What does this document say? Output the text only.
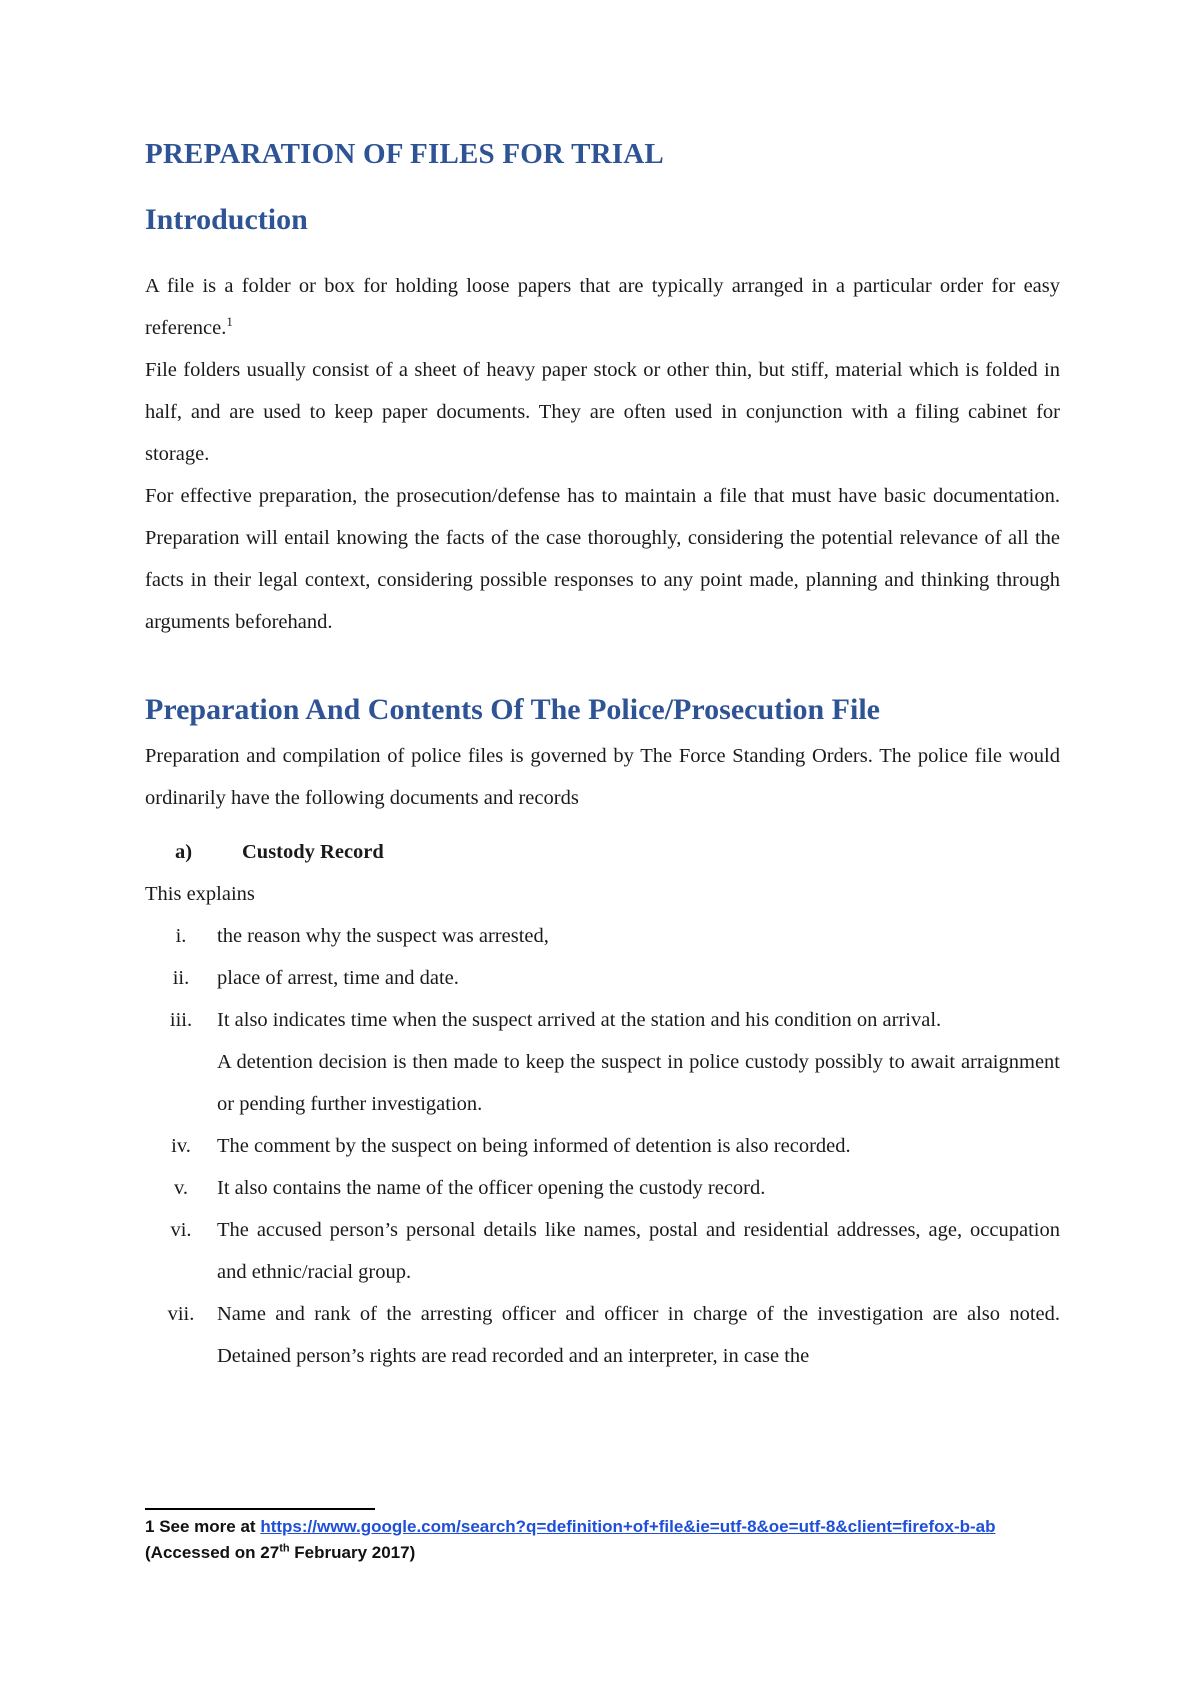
PREPARATION OF FILES FOR TRIAL
Introduction

A file is a folder or box for holding loose papers that are typically arranged in a particular order for easy reference.$^1$

File folders usually consist of a sheet of heavy paper stock or other thin, but stiff, material which is folded in half, and are used to keep paper documents. They are often used in conjunction with a filing cabinet for storage.

For effective preparation, the prosecution/defense has to maintain a file that must have basic documentation. Preparation will entail knowing the facts of the case thoroughly, considering the potential relevance of all the facts in their legal context, considering possible responses to any point made, planning and thinking through arguments beforehand.

Preparation And Contents Of The Police/Prosecution File

Preparation and compilation of police files is governed by The Force Standing Orders. The police file would ordinarily have the following documents and records

a)	Custody Record

This explains

i.	the reason why the suspect was arrested,
ii.	place of arrest, time and date.
iii.	It also indicates time when the suspect arrived at the station and his condition on arrival.
A detention decision is then made to keep the suspect in police custody possibly to await arraignment or pending further investigation.
iv.	The comment by the suspect on being informed of detention is also recorded.
v.	It also contains the name of the officer opening the custody record.
vi.	The accused person’s personal details like names, postal and residential addresses, age, occupation and ethnic/racial group.
vii.	Name and rank of the arresting officer and officer in charge of the investigation are also noted. Detained person’s rights are read recorded and an interpreter, in case the
1 See more at https://www.google.com/search?q=definition+of+file&ie=utf-8&oe=utf-8&client=firefox-b-ab
(Accessed on 27th February 2017)
